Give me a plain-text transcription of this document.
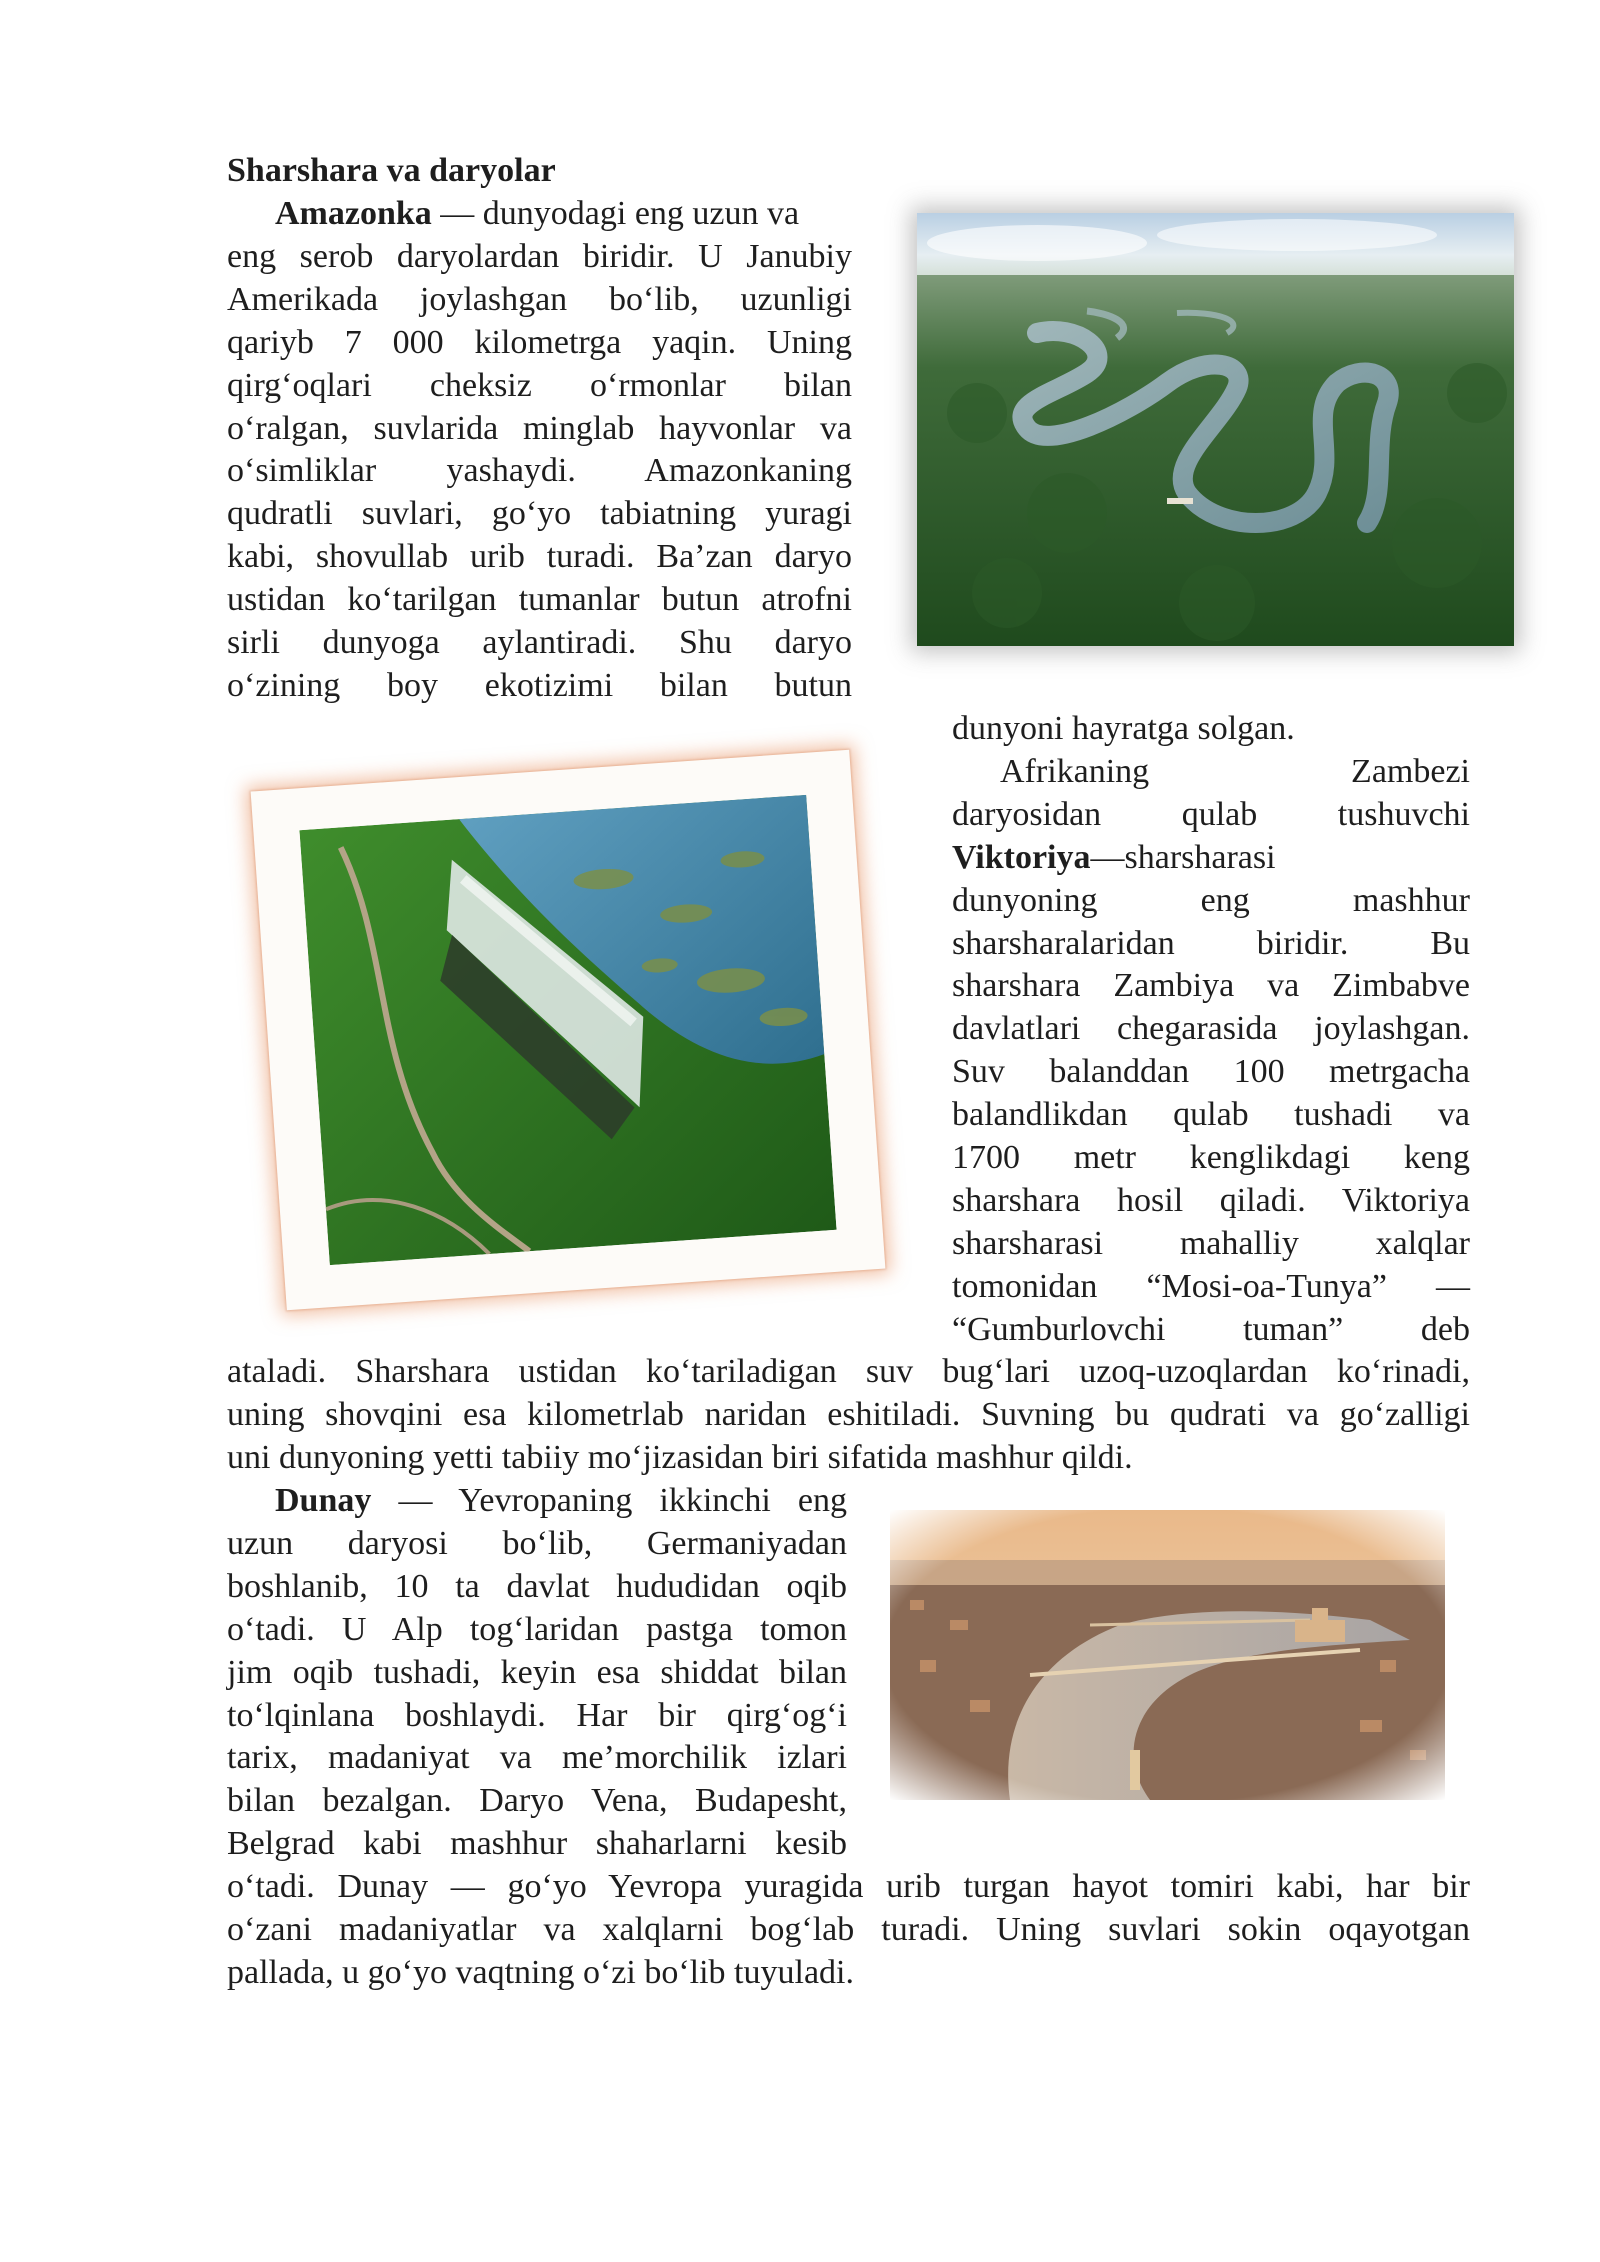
Sharshara va daryolar
Amazonka — dunyodagi eng uzun va
eng serob daryolardan biridir. U Janubiy
Amerikada joylashgan bo‘lib, uzunligi
qariyb 7 000 kilometrga yaqin. Uning
qirg‘oqlari cheksiz o‘rmonlar bilan
o‘ralgan, suvlarida minglab hayvonlar va
o‘simliklar yashaydi. Amazonkaning
qudratli suvlari, go‘yo tabiatning yuragi
kabi, shovullab urib turadi. Ba’zan daryo
ustidan ko‘tarilgan tumanlar butun atrofni
sirli dunyoga aylantiradi. Shu daryo
o‘zining boy ekotizimi bilan butun
dunyoni hayratga solgan.
Afrikaning Zambezi
daryosidan qulab tushuvchi
Viktoriya—sharsharasi
dunyoning eng mashhur
sharsharalaridan biridir. Bu
sharshara Zambiya va Zimbabve
davlatlari chegarasida joylashgan.
Suv balanddan 100 metrgacha
balandlikdan qulab tushadi va
1700 metr kenglikdagi keng
sharshara hosil qiladi. Viktoriya
sharsharasi mahalliy xalqlar
tomonidan “Mosi-oa-Tunya” —
“Gumburlovchi tuman” deb
ataladi. Sharshara ustidan ko‘tariladigan suv bug‘lari uzoq-uzoqlardan ko‘rinadi,
uning shovqini esa kilometrlab naridan eshitiladi. Suvning bu qudrati va go‘zalligi
uni dunyoning yetti tabiiy mo‘jizasidan biri sifatida mashhur qildi.
Dunay — Yevropaning ikkinchi eng
uzun daryosi bo‘lib, Germaniyadan
boshlanib, 10 ta davlat hududidan oqib
o‘tadi. U Alp tog‘laridan pastga tomon
jim oqib tushadi, keyin esa shiddat bilan
to‘lqinlana boshlaydi. Har bir qirg‘og‘i
tarix, madaniyat va me’morchilik izlari
bilan bezalgan. Daryo Vena, Budapesht,
Belgrad kabi mashhur shaharlarni kesib
o‘tadi. Dunay — go‘yo Yevropa yuragida urib turgan hayot tomiri kabi, har bir
o‘zani madaniyatlar va xalqlarni bog‘lab turadi. Uning suvlari sokin oqayotgan
pallada, u go‘yo vaqtning o‘zi bo‘lib tuyuladi.
